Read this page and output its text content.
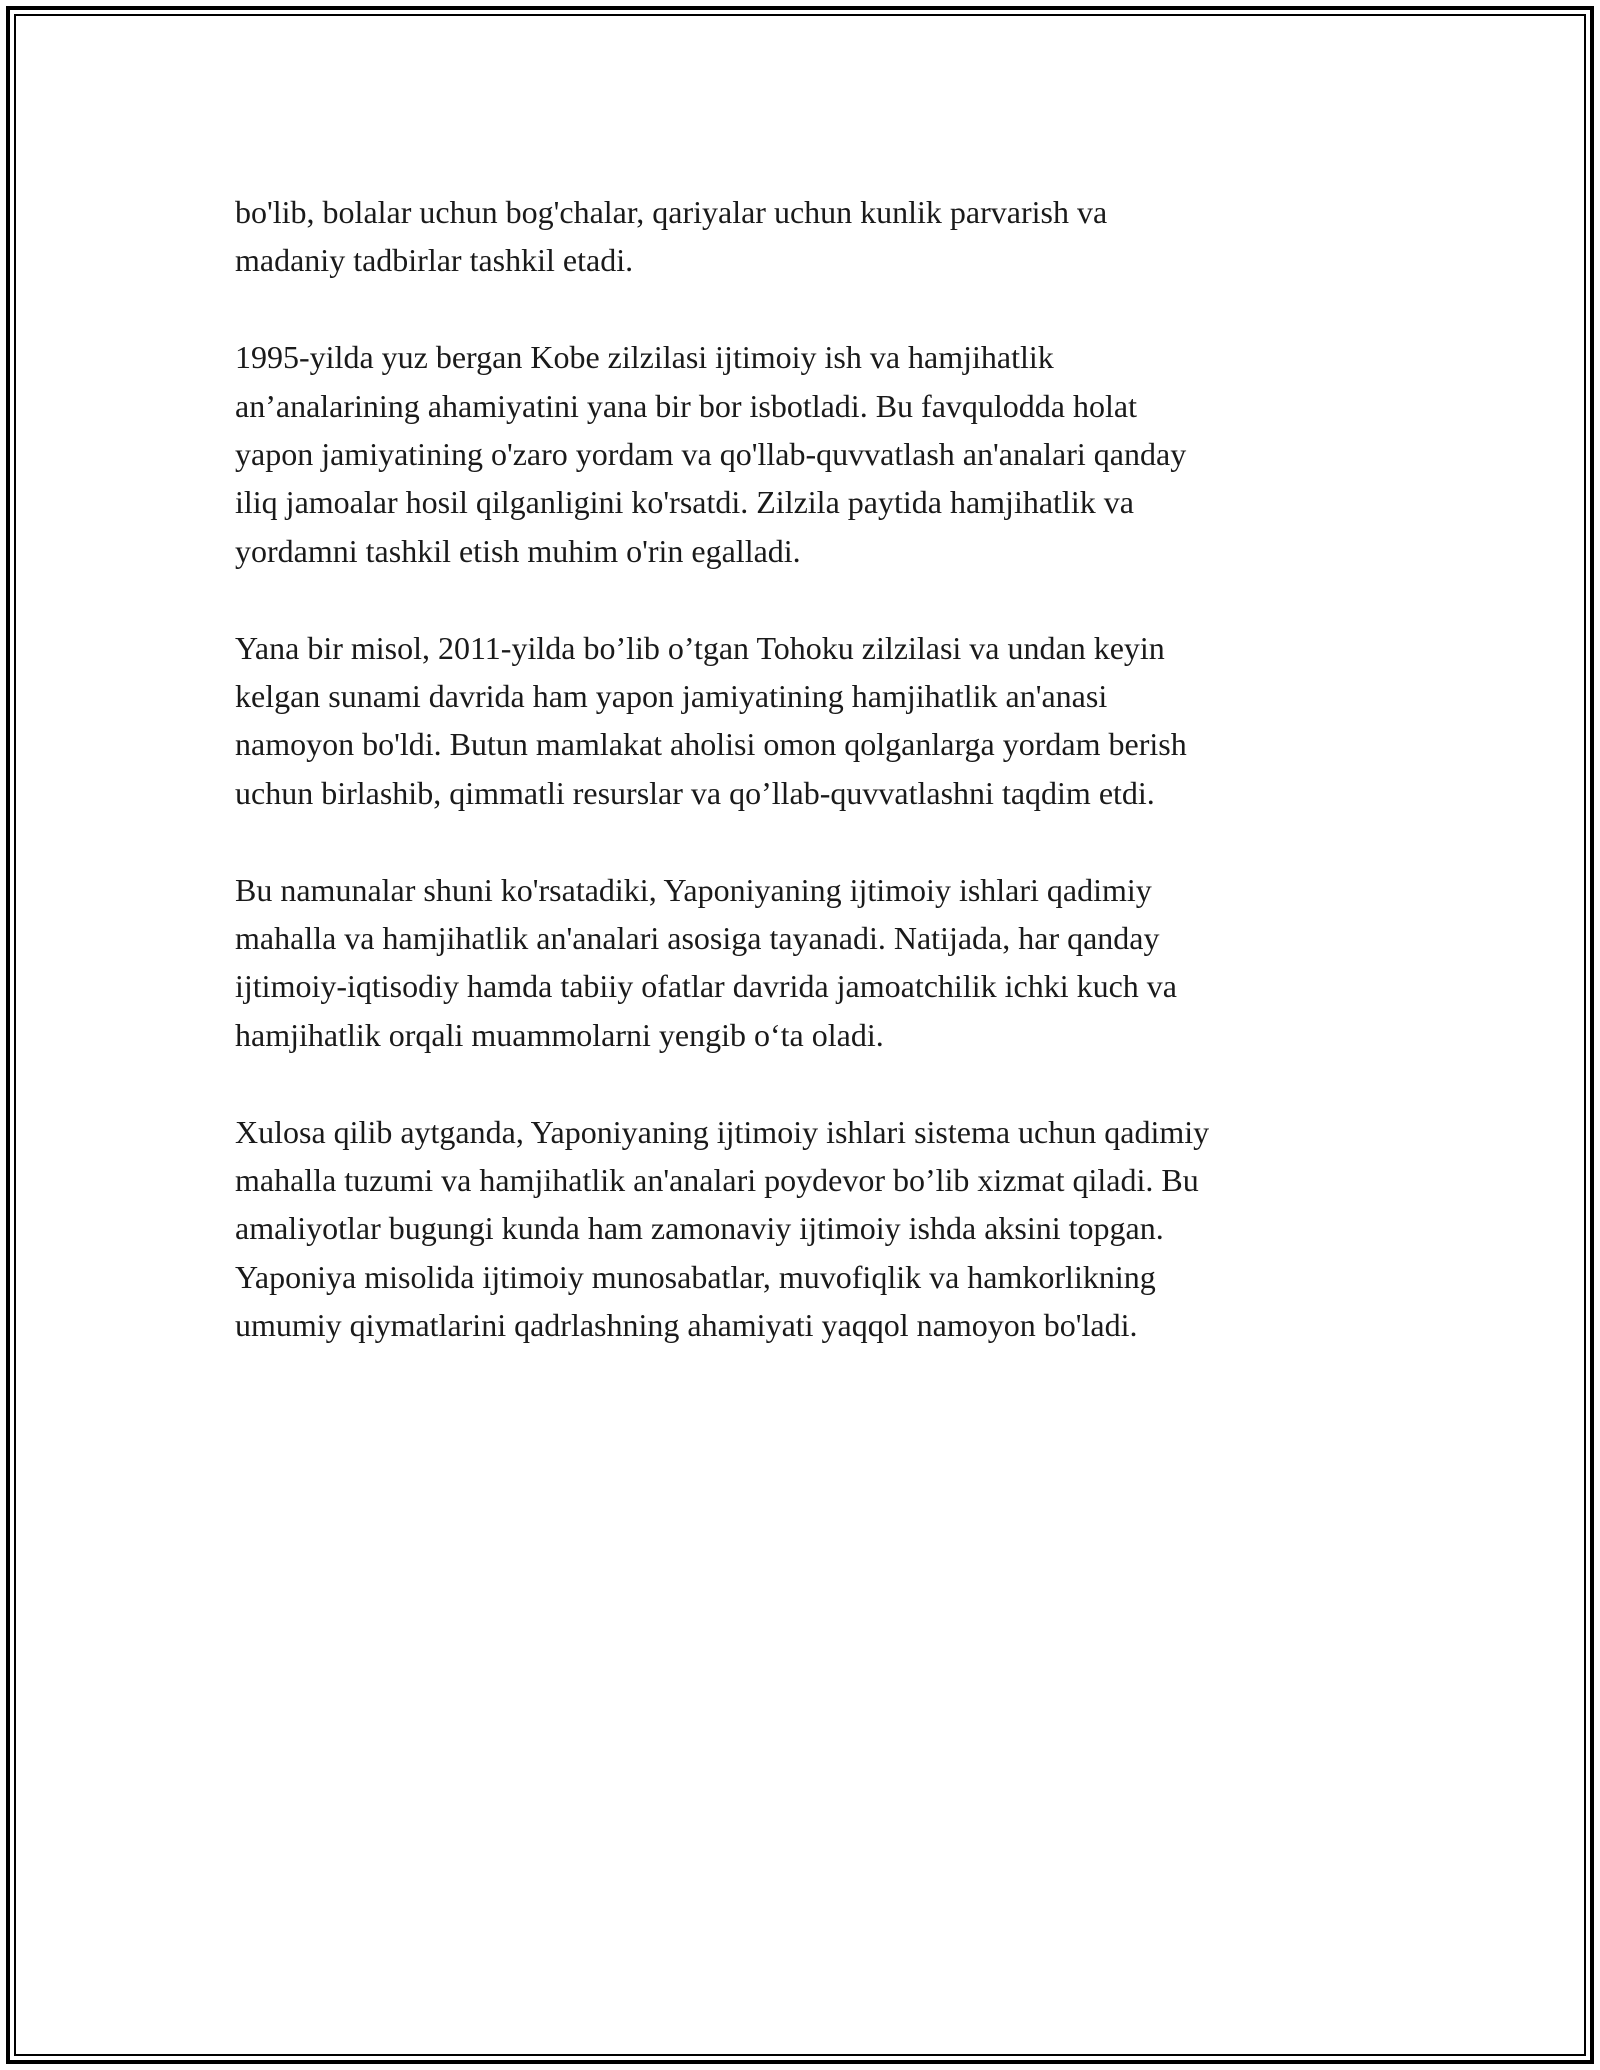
bo'lib, bolalar uchun bog'chalar, qariyalar uchun kunlik parvarish va
madaniy tadbirlar tashkil etadi.

1995-yilda yuz bergan Kobe zilzilasi ijtimoiy ish va hamjihatlik
an’analarining ahamiyatini yana bir bor isbotladi. Bu favqulodda holat
yapon jamiyatining o'zaro yordam va qo'llab-quvvatlash an'analari qanday
iliq jamoalar hosil qilganligini ko'rsatdi. Zilzila paytida hamjihatlik va
yordamni tashkil etish muhim o'rin egalladi.

Yana bir misol, 2011-yilda bo’lib o’tgan Tohoku zilzilasi va undan keyin
kelgan sunami davrida ham yapon jamiyatining hamjihatlik an'anasi
namoyon bo'ldi. Butun mamlakat aholisi omon qolganlarga yordam berish
uchun birlashib, qimmatli resurslar va qo’llab-quvvatlashni taqdim etdi.

Bu namunalar shuni ko'rsatadiki, Yaponiyaning ijtimoiy ishlari qadimiy
mahalla va hamjihatlik an'analari asosiga tayanadi. Natijada, har qanday
ijtimoiy-iqtisodiy hamda tabiiy ofatlar davrida jamoatchilik ichki kuch va
hamjihatlik orqali muammolarni yengib o‘ta oladi.

Xulosa qilib aytganda, Yaponiyaning ijtimoiy ishlari sistema uchun qadimiy
mahalla tuzumi va hamjihatlik an'analari poydevor bo’lib xizmat qiladi. Bu
amaliyotlar bugungi kunda ham zamonaviy ijtimoiy ishda aksini topgan.
Yaponiya misolida ijtimoiy munosabatlar, muvofiqlik va hamkorlikning
umumiy qiymatlarini qadrlashning ahamiyati yaqqol namoyon bo'ladi.
